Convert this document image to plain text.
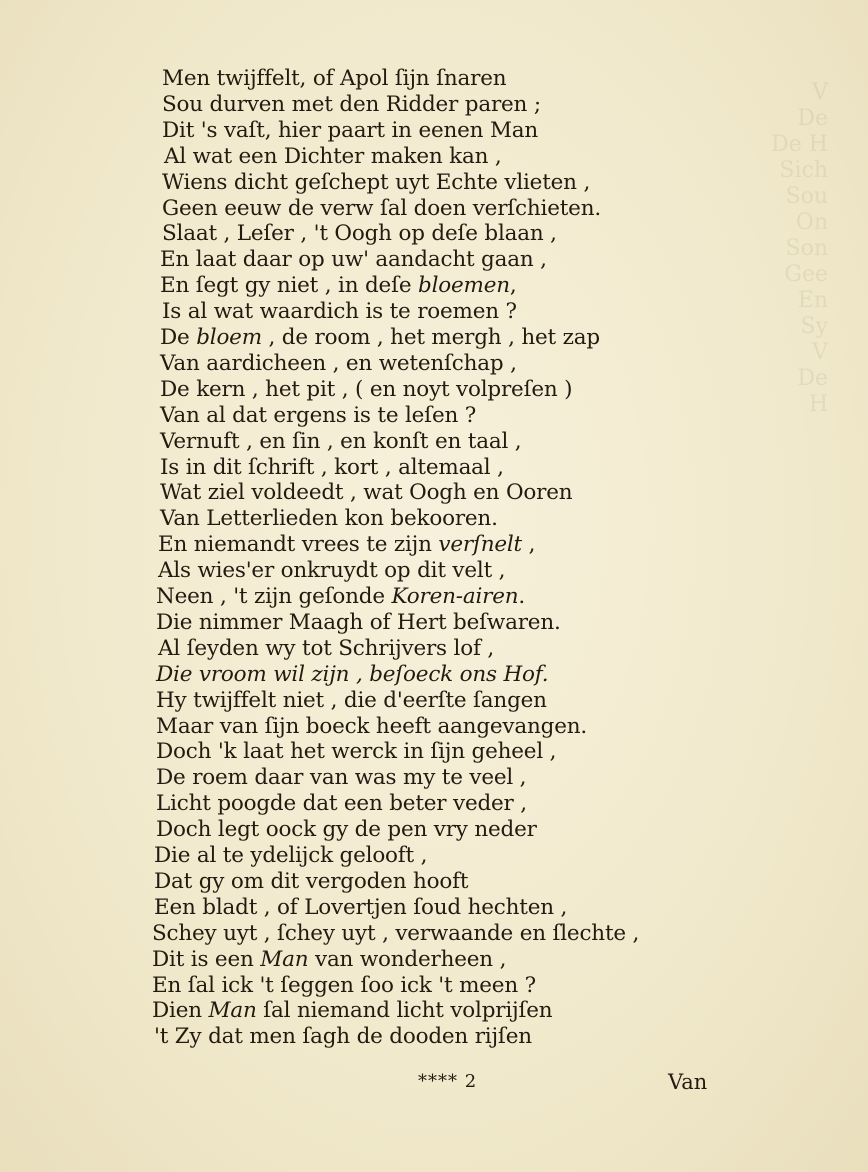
V
De
De H
Sich
Sou
On
Son
Gee
En
Sy
V
De
H
Men twijffelt, of Apol ſijn ſnaren
Sou durven met den Ridder paren ;
Dit 's vaſt, hier paart in eenen Man
Al wat een Dichter maken kan ,
Wiens dicht geſchept uyt Echte vlieten ,
Geen eeuw de verw ſal doen verſchieten.
Slaat , Leſer , 't Oogh op deſe blaan ,
En laat daar op uw' aandacht gaan ,
En ſegt gy niet , in deſe bloemen,
Is al wat waardich is te roemen ?
De bloem , de room , het mergh , het zap
Van aardicheen , en wetenſchap ,
De kern , het pit , ( en noyt volpreſen )
Van al dat ergens is te leſen ?
Vernuft , en ſin , en konſt en taal ,
Is in dit ſchrift , kort , altemaal ,
Wat ziel voldeedt , wat Oogh en Ooren
Van Letterlieden kon bekooren.
En niemandt vrees te zijn verſnelt ,
Als wies'er onkruydt op dit velt ,
Neen , 't zijn geſonde Koren-airen.
Die nimmer Maagh of Hert beſwaren.
Al ſeyden wy tot Schrijvers lof ,
Die vroom wil zijn , beſoeck ons Hof.
Hy twijffelt niet , die d'eerſte ſangen
Maar van ſijn boeck heeft aangevangen.
Doch 'k laat het werck in ſijn geheel ,
De roem daar van was my te veel ,
Licht poogde dat een beter veder ,
Doch legt oock gy de pen vry neder
Die al te ydelijck gelooft ,
Dat gy om dit vergoden hooft
Een bladt , of Lovertjen ſoud hechten ,
Schey uyt , ſchey uyt , verwaande en ſlechte ,
Dit is een Man van wonderheen ,
En ſal ick 't ſeggen ſoo ick 't meen ?
Dien Man ſal niemand licht volprijſen
't Zy dat men ſagh de dooden rijſen
**** 2	Van
